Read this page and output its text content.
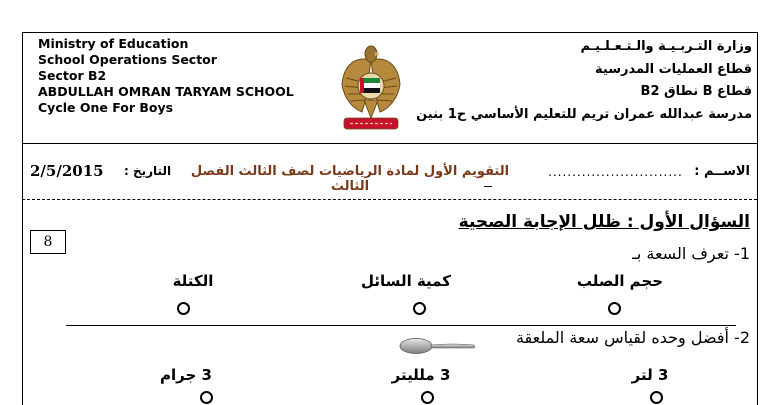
Ministry of Education
School Operations Sector
Sector B2
ABDULLAH OMRAN TARYAM SCHOOL
Cycle One For Boys
وزارة التـربـيـة والـتـعـلـيـم
قطاع العمليات المدرسية
قطاع B نطاق B2
مدرسة عبدالله عمران تريم للتعليم الأساسي ح1 بنين
الاســم :
............................
التقويم الأول لمادة الرياضيات لصف الثالث الفصل الثالث
التاريخ :
2/5/2015
8
السؤال الأول : ظلل الإجابة الصحية
1- تعرف السعة بـ
حجم الصلب
كمية السائل
الكتلة
2- أفضل وحده لقياس سعة الملعقة
3 لتر
3 ملليتر
3 جرام
